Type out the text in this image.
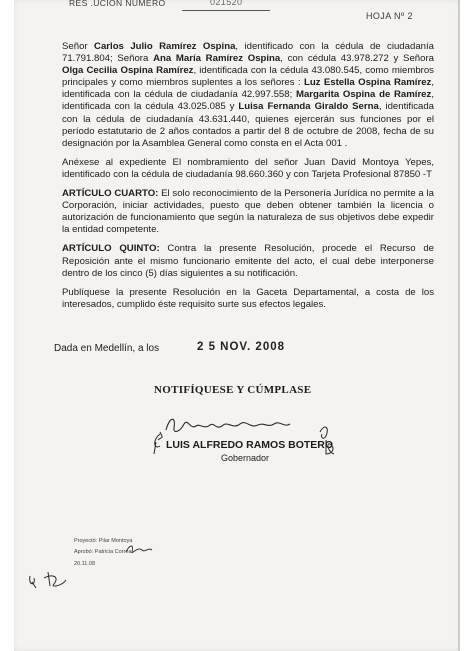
RES .UCION NUMERO	021520
HOJA Nº 2

Señor Carlos Julio Ramírez Ospina, identificado con la cédula de ciudadanía 71.791.804; Señora Ana María Ramírez Ospina, con cédula 43.978.272 y Señora Olga Cecilia Ospina Ramírez, identificada con la cédula 43.080.545, como miembros principales y como miembros suplentes a los señores : Luz Estella Ospina Ramírez, identificada con la cédula de ciudadanía 42.997.558; Margarita Ospina de Ramírez, identificada con la cédula 43.025.085 y Luisa Fernanda Giraldo Serna, identificada con la cédula de ciudadanía 43.631.440, quienes ejercerán sus funciones por el período estatutario de 2 años contados a partir del 8 de octubre de 2008, fecha de su designación por la Asamblea General como consta en el Acta 001 .

Anéxese al expediente El nombramiento del señor Juan David Montoya Yepes, identificado con la cédula de ciudadanía 98.660.360 y con Tarjeta Profesional 87850 -T

ARTÍCULO CUARTO: El solo reconocimiento de la Personería Jurídica no permite a la Corporación, iniciar actividades, puesto que deben obtener también la licencia o autorización de funcionamiento que según la naturaleza de sus objetivos debe expedir la entidad competente.

ARTÍCULO QUINTO: Contra la presente Resolución, procede el Recurso de Reposición ante el mismo funcionario emitente del acto, el cual debe interponerse dentro de los cinco (5) días siguientes a su notificación.

Publíquese la presente Resolución en la Gaceta Departamental, a costa de los interesados, cumplido éste requisito surte sus efectos legales.

Dada en Medellín, a los	2 5 NOV. 2008
NOTIFÍQUESE Y CÚMPLASE
LUIS ALFREDO RAMOS BOTERO
Gobernador
Proyectó: Pilar Montoya
Aprobó: Patricia Correa
20.11.08
